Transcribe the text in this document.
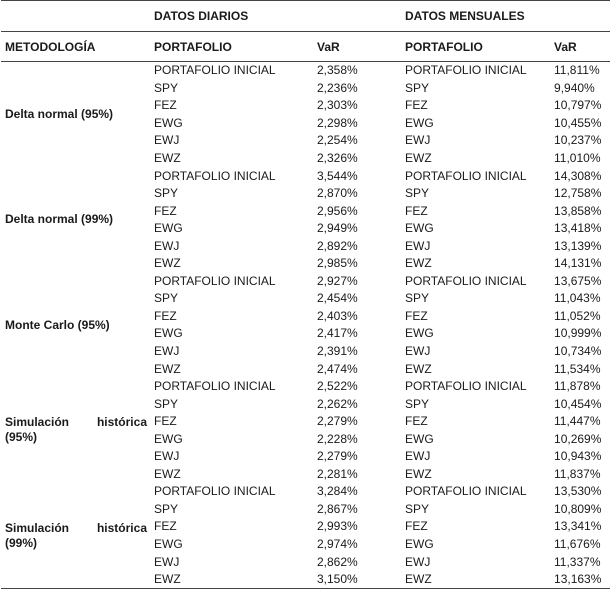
	DATOS DIARIOS		DATOS MENSUALES	
METODOLOGÍA	PORTAFOLIO	VaR	PORTAFOLIO	VaR
Delta normal (95%)	PORTAFOLIO INICIAL	2,358%	PORTAFOLIO INICIAL	11,811%
	SPY	2,236%	SPY	9,940%
	FEZ	2,303%	FEZ	10,797%
	EWG	2,298%	EWG	10,455%
	EWJ	2,254%	EWJ	10,237%
	EWZ	2,326%	EWZ	11,010%
Delta normal (99%)	PORTAFOLIO INICIAL	3,544%	PORTAFOLIO INICIAL	14,308%
	SPY	2,870%	SPY	12,758%
	FEZ	2,956%	FEZ	13,858%
	EWG	2,949%	EWG	13,418%
	EWJ	2,892%	EWJ	13,139%
	EWZ	2,985%	EWZ	14,131%
Monte Carlo (95%)	PORTAFOLIO INICIAL	2,927%	PORTAFOLIO INICIAL	13,675%
	SPY	2,454%	SPY	11,043%
	FEZ	2,403%	FEZ	11,052%
	EWG	2,417%	EWG	10,999%
	EWJ	2,391%	EWJ	10,734%
	EWZ	2,474%	EWZ	11,534%

Simulación histórica
(95%)	PORTAFOLIO INICIAL	2,522%	PORTAFOLIO INICIAL	11,878%
	SPY	2,262%	SPY	10,454%
	FEZ	2,279%	FEZ	11,447%
	EWG	2,228%	EWG	10,269%
	EWJ	2,279%	EWJ	10,943%
	EWZ	2,281%	EWZ	11,837%

Simulación histórica
(99%)	PORTAFOLIO INICIAL	3,284%	PORTAFOLIO INICIAL	13,530%
	SPY	2,867%	SPY	10,809%
	FEZ	2,993%	FEZ	13,341%
	EWG	2,974%	EWG	11,676%
	EWJ	2,862%	EWJ	11,337%
	EWZ	3,150%	EWZ	13,163%
